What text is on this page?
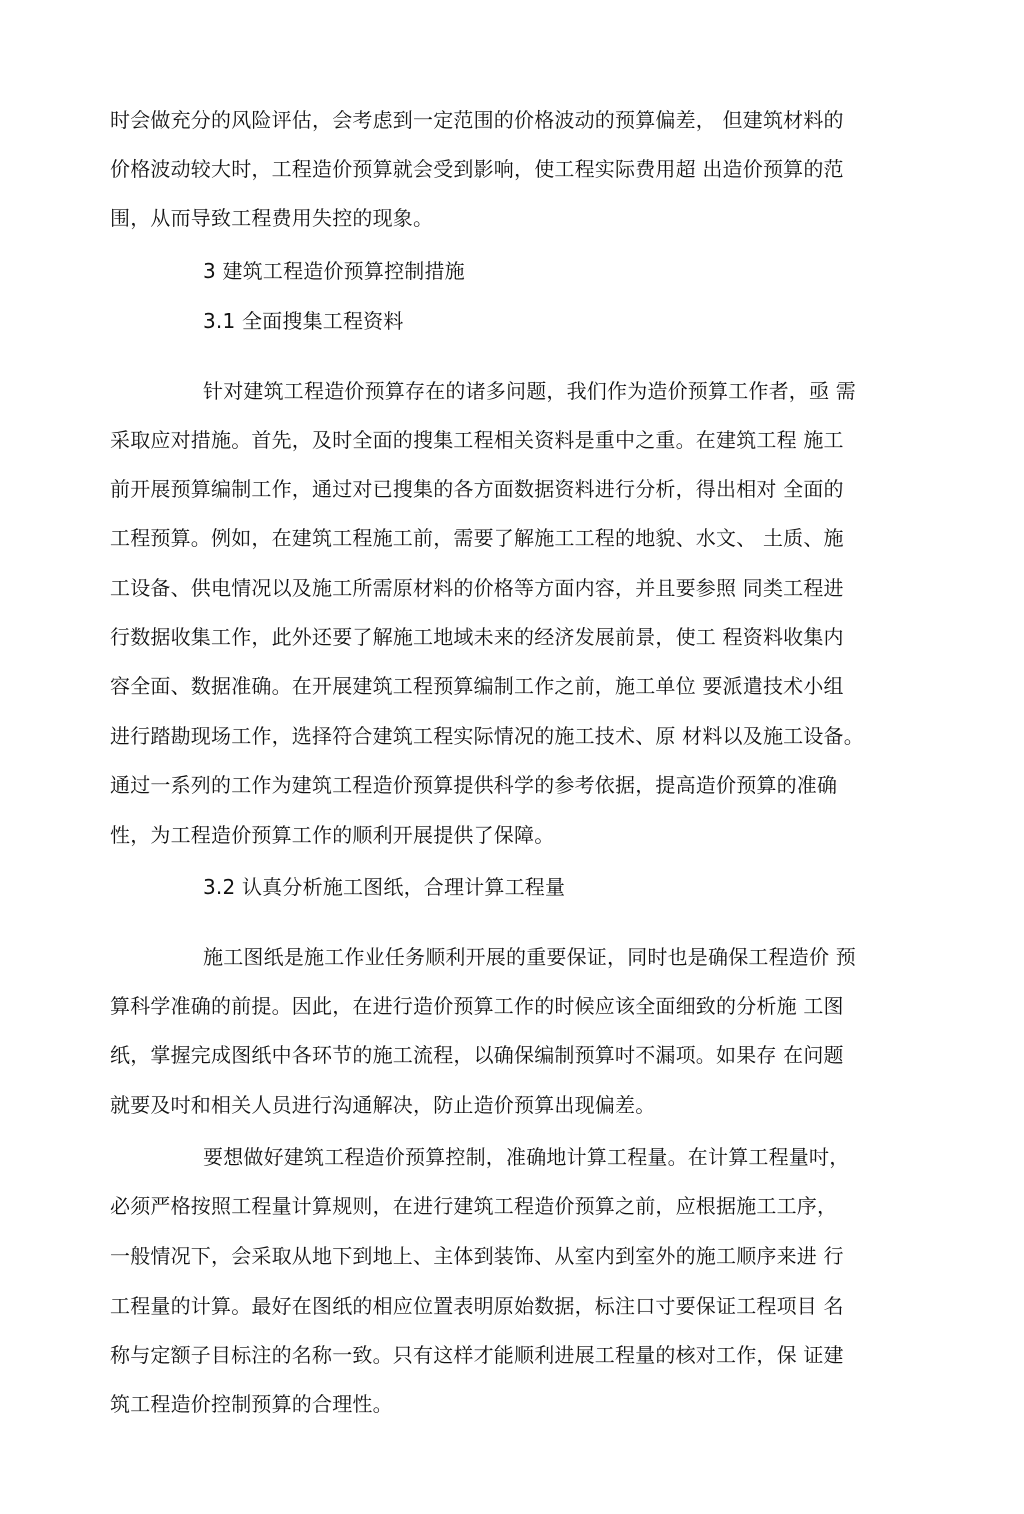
时会做充分的风险评估，会考虑到一定范围的价格波动的预算偏差， 但建筑材料的
价格波动较大时，工程造价预算就会受到影响，使工程实际费用超 出造价预算的范
围，从而导致工程费用失控的现象。
3 建筑工程造价预算控制措施
3.1 全面搜集工程资料
针对建筑工程造价预算存在的诸多问题，我们作为造价预算工作者，亟 需
采取应对措施。首先，及时全面的搜集工程相关资料是重中之重。在建筑工程 施工
前开展预算编制工作，通过对已搜集的各方面数据资料进行分析，得出相对 全面的
工程预算。例如，在建筑工程施工前，需要了解施工工程的地貌、水文、 土质、施
工设备、供电情况以及施工所需原材料的价格等方面内容，并且要参照 同类工程进
行数据收集工作，此外还要了解施工地域未来的经济发展前景，使工 程资料收集内
容全面、数据准确。在开展建筑工程预算编制工作之前，施工单位 要派遣技术小组
进行踏勘现场工作，选择符合建筑工程实际情况的施工技术、原 材料以及施工设备。
通过一系列的工作为建筑工程造价预算提供科学的参考依据，提高造价预算的准确
性，为工程造价预算工作的顺利开展提供了保障。
3.2 认真分析施工图纸，合理计算工程量
施工图纸是施工作业任务顺利开展的重要保证，同时也是确保工程造价 预
算科学准确的前提。因此，在进行造价预算工作的时候应该全面细致的分析施 工图
纸，掌握完成图纸中各环节的施工流程，以确保编制预算吋不漏项。如果存 在问题
就要及吋和相关人员进行沟通解决，防止造价预算出现偏差。
要想做好建筑工程造价预算控制，准确地计算工程量。在计算工程量吋，
必须严格按照工程量计算规则，在进行建筑工程造价预算之前，应根据施工工序，
一般情况下，会采取从地下到地上、主体到装饰、从室内到室外的施工顺序来进 行
工程量的计算。最好在图纸的相应位置表明原始数据，标注口寸要保证工程项目 名
称与定额子目标注的名称一致。只有这样才能顺利进展工程量的核对工作，保 证建
筑工程造价控制预算的合理性。
